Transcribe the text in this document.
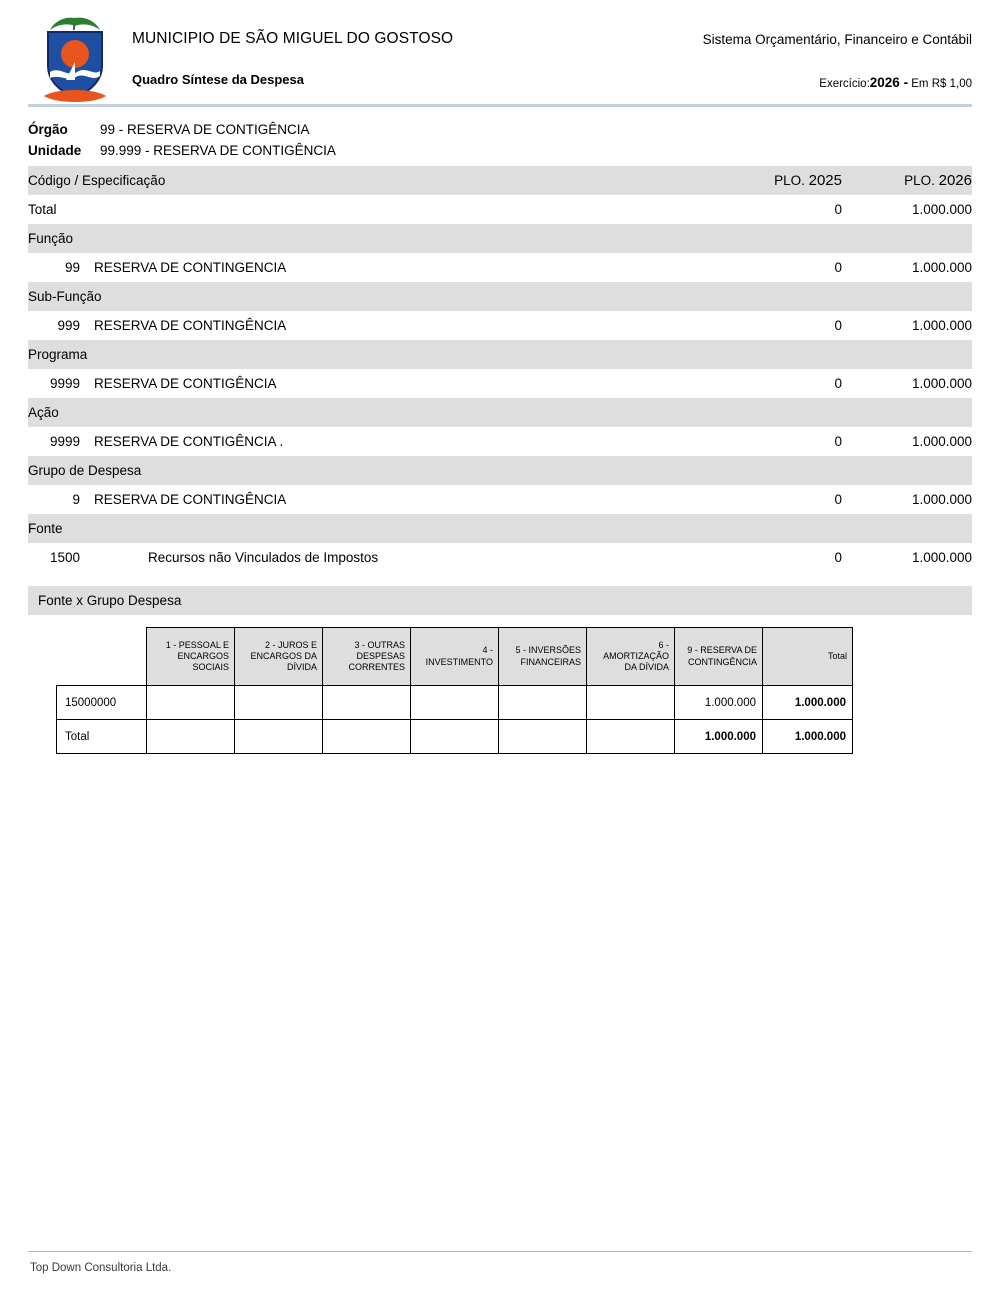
MUNICIPIO DE SÃO MIGUEL DO GOSTOSO
Quadro Síntese da Despesa
Sistema Orçamentário, Financeiro e Contábil
Exercício:2026 - Em R$ 1,00
Órgão	99 - RESERVA DE CONTIGÊNCIA
Unidade	99.999 - RESERVA DE CONTIGÊNCIA
Código / Especificação	PLO. 2025	PLO. 2026
Total	0	1.000.000
Função		
99 RESERVA DE CONTINGENCIA	0	1.000.000
Sub-Função		
999 RESERVA DE CONTINGÊNCIA	0	1.000.000
Programa		
9999 RESERVA DE CONTIGÊNCIA	0	1.000.000
Ação		
9999 RESERVA DE CONTIGÊNCIA .	0	1.000.000
Grupo de Despesa		
9 RESERVA DE CONTINGÊNCIA	0	1.000.000
Fonte		
1500 Recursos não Vinculados de Impostos	0	1.000.000
Fonte x Grupo Despesa
	1 - PESSOAL E ENCARGOS SOCIAIS	2 - JUROS E ENCARGOS DA DÍVIDA	3 - OUTRAS DESPESAS CORRENTES	4 - INVESTIMENTO	5 - INVERSÕES FINANCEIRAS	6 - AMORTIZAÇÃO DA DÍVIDA	9 - RESERVA DE CONTINGÊNCIA	Total
15000000							1.000.000	1.000.000
Total							1.000.000	1.000.000
Top Down Consultoria Ltda.
